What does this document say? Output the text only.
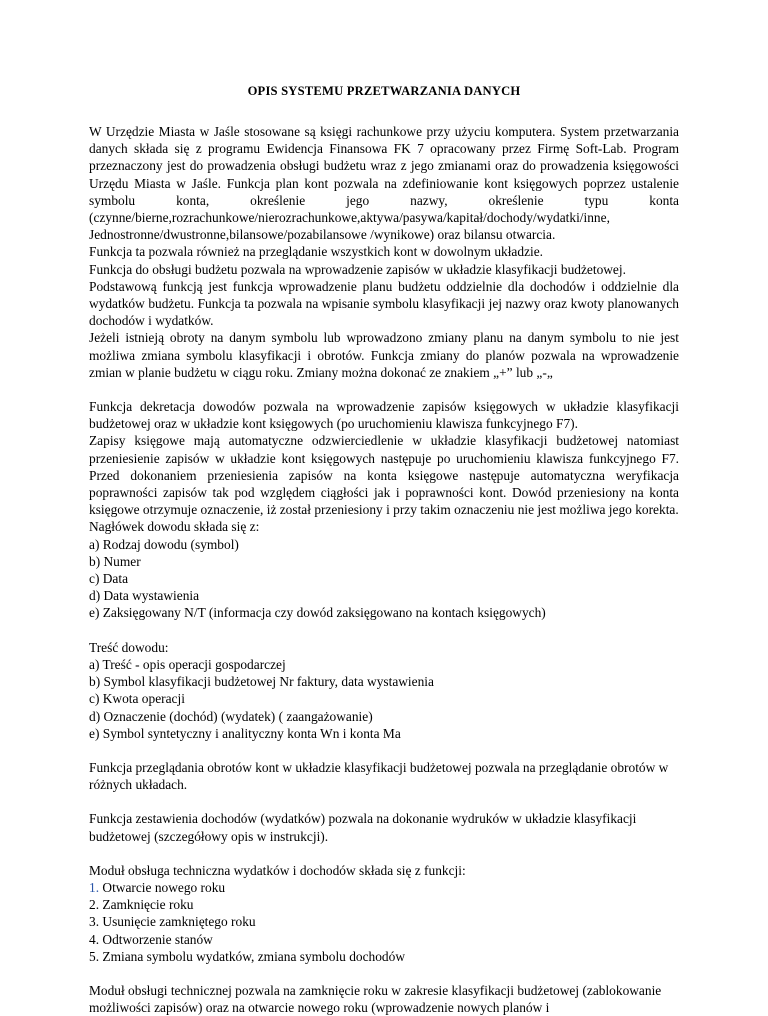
OPIS SYSTEMU PRZETWARZANIA DANYCH

W Urzędzie Miasta w Jaśle stosowane są księgi rachunkowe przy użyciu komputera. System przetwarzania danych składa się z programu Ewidencja Finansowa FK 7 opracowany przez Firmę Soft-Lab. Program przeznaczony jest do prowadzenia obsługi budżetu wraz z jego zmianami oraz do prowadzenia księgowości Urzędu Miasta w Jaśle. Funkcja plan kont pozwala na zdefiniowanie kont księgowych poprzez ustalenie symbolu konta, określenie jego nazwy, określenie typu konta (czynne/bierne,rozrachunkowe/nierozrachunkowe,aktywa/pasywa/kapitał/dochody/wydatki/inne, Jednostronne/dwustronne,bilansowe/pozabilansowe /wynikowe) oraz bilansu otwarcia.

Funkcja ta pozwala również na przeglądanie wszystkich kont w dowolnym układzie.

Funkcja do obsługi budżetu pozwala na wprowadzenie zapisów w układzie klasyfikacji budżetowej.

Podstawową funkcją jest funkcja wprowadzenie planu budżetu oddzielnie dla dochodów i oddzielnie dla wydatków budżetu. Funkcja ta pozwala na wpisanie symbolu klasyfikacji jej nazwy oraz kwoty planowanych dochodów i wydatków.

Jeżeli istnieją obroty na danym symbolu lub wprowadzono zmiany planu na danym symbolu to nie jest możliwa zmiana symbolu klasyfikacji i obrotów. Funkcja zmiany do planów pozwala na wprowadzenie zmian w planie budżetu w ciągu roku. Zmiany można dokonać ze znakiem „+” lub „-„

Funkcja dekretacja dowodów pozwala na wprowadzenie zapisów księgowych w układzie klasyfikacji budżetowej oraz w układzie kont księgowych (po uruchomieniu klawisza funkcyjnego F7).

Zapisy księgowe mają automatyczne odzwierciedlenie w układzie klasyfikacji budżetowej natomiast przeniesienie zapisów w układzie kont księgowych następuje po uruchomieniu klawisza funkcyjnego F7. Przed dokonaniem przeniesienia zapisów na konta księgowe następuje automatyczna weryfikacja poprawności zapisów tak pod względem ciągłości jak i poprawności kont. Dowód przeniesiony na konta księgowe otrzymuje oznaczenie, iż został przeniesiony i przy takim oznaczeniu nie jest możliwa jego korekta.

Nagłówek dowodu składa się z:

a) Rodzaj dowodu (symbol)
b) Numer
c) Data
d) Data wystawienia
e) Zaksięgowany N/T (informacja czy dowód zaksięgowano na kontach księgowych)
Treść dowodu:
a) Treść - opis operacji gospodarczej
b) Symbol klasyfikacji budżetowej Nr faktury, data wystawienia
c) Kwota operacji
d) Oznaczenie (dochód) (wydatek) ( zaangażowanie)
e) Symbol syntetyczny i analityczny konta Wn i konta Ma

Funkcja przeglądania obrotów kont w układzie klasyfikacji budżetowej pozwala na przeglądanie obrotów w różnych układach.

Funkcja zestawienia dochodów (wydatków) pozwala na dokonanie wydruków w układzie klasyfikacji budżetowej (szczegółowy opis w instrukcji).

Moduł obsługa techniczna wydatków i dochodów składa się z funkcji:
1. Otwarcie nowego roku
2. Zamknięcie roku
3. Usunięcie zamkniętego roku
4. Odtworzenie stanów
5. Zmiana symbolu wydatków, zmiana symbolu dochodów

Moduł obsługi technicznej pozwala na zamknięcie roku w zakresie klasyfikacji budżetowej (zablokowanie możliwości zapisów) oraz na otwarcie nowego roku (wprowadzenie nowych planów i
